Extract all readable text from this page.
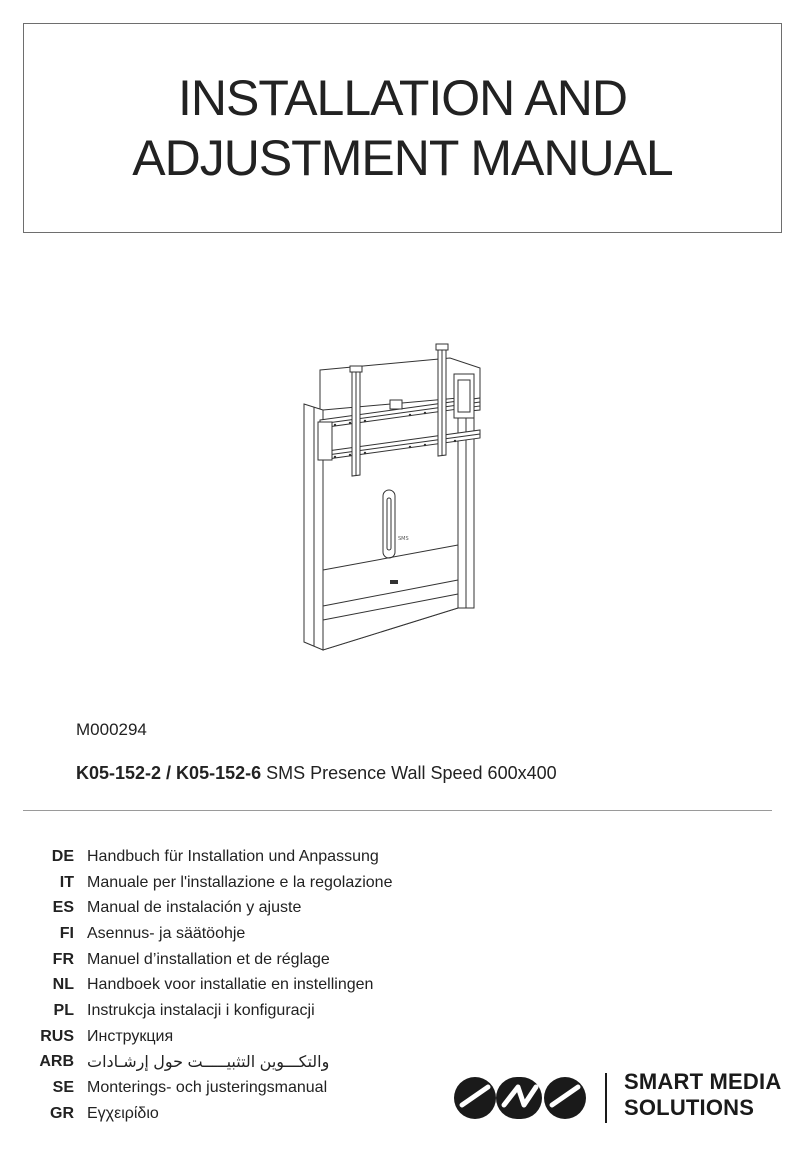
INSTALLATION AND
ADJUSTMENT MANUAL
SMS
M000294
K05-152-2 / K05-152-6 SMS Presence Wall Speed 600x400
DE Handbuch für Installation und Anpassung
IT Manuale per l'installazione e la regolazione
ES Manual de instalación y ajuste
FI Asennus- ja säätöohje
FR Manuel d’installation et de réglage
NL Handboek voor installatie en instellingen
PL Instrukcja instalacji i konfiguracji
RUS Инструкция
ARB والتكـــوين التثبيـــــت حول إرشـادات
SE Monterings- och justeringsmanual
GR Εγχειρίδιο
SMART MEDIA
SOLUTIONS
